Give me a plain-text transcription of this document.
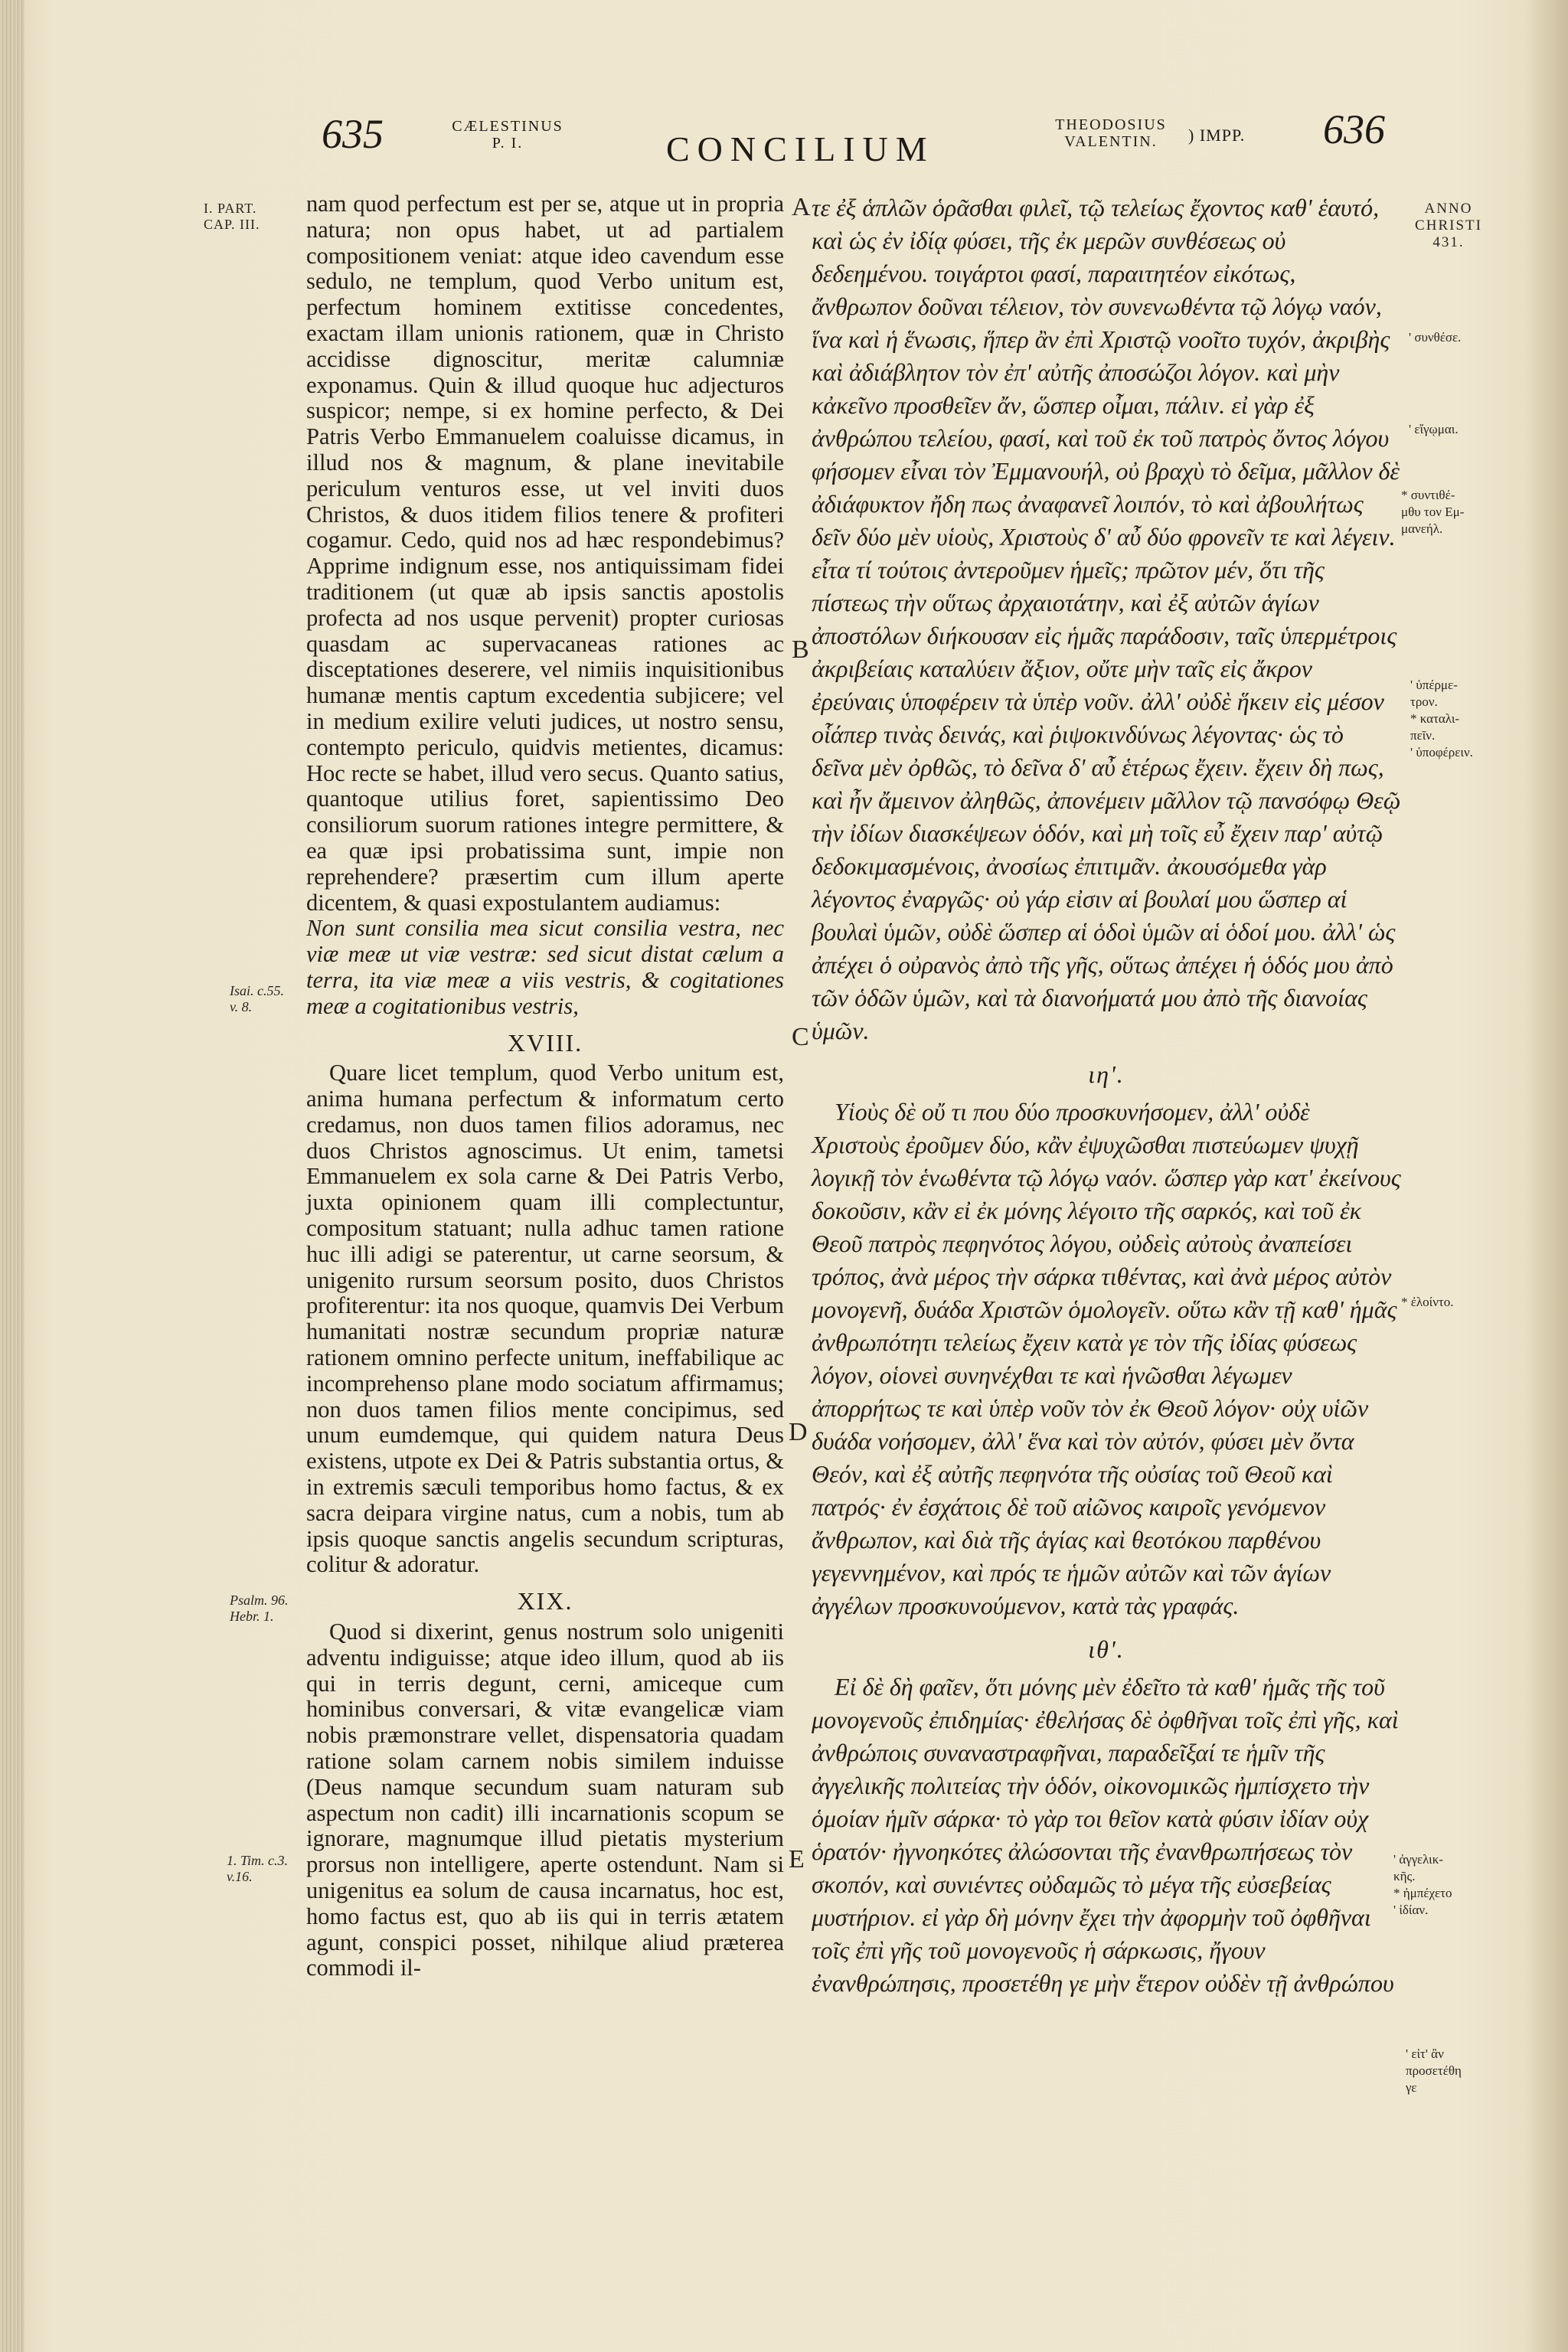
635	CÆLESTINUS
P. I.	CONCILIUM
THEODOSIUS
VALENTIN.	) IMPP. 636
I. PART.
CAP. III.
Isai. c.55.
v. 8.
Psalm. 96.
Hebr. 1.
1. Tim. c.3.
v.16.
A
B
C
D
E
ANNO
CHRISTI
431.
' συνθέσε.
' εἴγῳμαι.
* συντιθέ-
μθυ τον Εμ-
μανεήλ.
' ὑπέρμε-
τρον.
* καταλι-
πεῖν.
' ὑποφέρειν.
* ἐλοίντο.
' ἀγγελικ-
κῆς.
* ἠμπέχετο
' ἰδίαν.
' εἰτ' ἂν
προσετέθη
γε

nam quod perfectum est per se, atque ut in propria natura; non opus habet, ut ad partialem compositionem veniat: atque ideo cavendum esse sedulo, ne templum, quod Verbo unitum est, perfectum hominem extitisse concedentes, exactam illam unionis rationem, quæ in Christo accidisse dignoscitur, meritæ calumniæ exponamus. Quin & illud quoque huc adjecturos suspicor; nempe, si ex homine perfecto, & Dei Patris Verbo Emmanuelem coaluisse dicamus, in illud nos & magnum, & plane inevitabile periculum venturos esse, ut vel inviti duos Christos, & duos itidem filios tenere & profiteri cogamur. Cedo, quid nos ad hæc respondebimus? Apprime indignum esse, nos antiquissimam fidei traditionem (ut quæ ab ipsis sanctis apostolis profecta ad nos usque pervenit) propter curiosas quasdam ac supervacaneas rationes ac disceptationes deserere, vel nimiis inquisitionibus humanæ mentis captum excedentia subjicere; vel in medium exilire veluti judices, ut nostro sensu, contempto periculo, quidvis metientes, dicamus: Hoc recte se habet, illud vero secus. Quanto satius, quantoque utilius foret, sapientissimo Deo consiliorum suorum rationes integre permittere, & ea quæ ipsi probatissima sunt, impie non reprehendere? præsertim cum illum aperte dicentem, & quasi expostulantem audiamus:

Non sunt consilia mea sicut consilia vestra, nec viæ meæ ut viæ vestræ: sed sicut distat cælum a terra, ita viæ meæ a viis vestris, & cogitationes meæ a cogitationibus vestris,

XVIII.

Quare licet templum, quod Verbo unitum est, anima humana perfectum & informatum certo credamus, non duos tamen filios adoramus, nec duos Christos agnoscimus. Ut enim, tametsi Emmanuelem ex sola carne & Dei Patris Verbo, juxta opinionem quam illi complectuntur, compositum statuant; nulla adhuc tamen ratione huc illi adigi se paterentur, ut carne seorsum, & unigenito rursum seorsum posito, duos Christos profiterentur: ita nos quoque, quamvis Dei Verbum humanitati nostræ secundum propriæ naturæ rationem omnino perfecte unitum, ineffabilique ac incomprehenso plane modo sociatum affirmamus; non duos tamen filios mente concipimus, sed unum eumdemque, qui quidem natura Deus existens, utpote ex Dei & Patris substantia ortus, & in extremis sæculi temporibus homo factus, & ex sacra deipara virgine natus, cum a nobis, tum ab ipsis quoque sanctis angelis secundum scripturas, colitur & adoratur.

XIX.

Quod si dixerint, genus nostrum solo unigeniti adventu indiguisse; atque ideo illum, quod ab iis qui in terris degunt, cerni, amiceque cum hominibus conversari, & vitæ evangelicæ viam nobis præmonstrare vellet, dispensatoria quadam ratione solam carnem nobis similem induisse (Deus namque secundum suam naturam sub aspectum non cadit) illi incarnationis scopum se ignorare, magnumque illud pietatis mysterium prorsus non intelligere, aperte ostendunt. Nam si unigenitus ea solum de causa incarnatus, hoc est, homo factus est, quo ab iis qui in terris ætatem agunt, conspici posset, nihilque aliud præterea commodi il-

τε ἐξ ἁπλῶν ὁρᾶσθαι φιλεῖ, τῷ τελείως ἔχοντος καθ' ἑαυτό, καὶ ὡς ἐν ἰδίᾳ φύσει, τῆς ἐκ μερῶν συνθέσεως οὐ δεδεημένου. τοιγάρτοι φασί, παραιτητέον εἰκότως, ἄνθρωπον δοῦναι τέλειον, τὸν συνενωθέντα τῷ λόγῳ ναόν, ἵνα καὶ ἡ ἕνωσις, ἥπερ ἂν ἐπὶ Χριστῷ νοοῖτο τυχόν, ἀκριβὴς καὶ ἀδιάβλητον τὸν ἐπ' αὐτῆς ἀποσώζοι λόγον. καὶ μὴν κἀκεῖνο προσθεῖεν ἄν, ὥσπερ οἶμαι, πάλιν. εἰ γὰρ ἐξ ἀνθρώπου τελείου, φασί, καὶ τοῦ ἐκ τοῦ πατρὸς ὄντος λόγου φήσομεν εἶναι τὸν Ἐμμανουήλ, οὐ βραχὺ τὸ δεῖμα, μᾶλλον δὲ ἀδιάφυκτον ἤδη πως ἀναφανεῖ λοιπόν, τὸ καὶ ἀβουλήτως δεῖν δύο μὲν υἱοὺς, Χριστοὺς δ' αὖ δύο φρονεῖν τε καὶ λέγειν. εἶτα τί τούτοις ἀντεροῦμεν ἡμεῖς; πρῶτον μέν, ὅτι τῆς πίστεως τὴν οὕτως ἀρχαιοτάτην, καὶ ἐξ αὐτῶν ἁγίων ἀποστόλων διήκουσαν εἰς ἡμᾶς παράδοσιν, ταῖς ὑπερμέτροις ἀκριβείαις καταλύειν ἄξιον, οὔτε μὴν ταῖς εἰς ἄκρον ἐρεύναις ὑποφέρειν τὰ ὑπὲρ νοῦν. ἀλλ' οὐδὲ ἥκειν εἰς μέσον οἷάπερ τινὰς δεινάς, καὶ ῥιψοκινδύνως λέγοντας· ὡς τὸ δεῖνα μὲν ὀρθῶς, τὸ δεῖνα δ' αὖ ἑτέρως ἔχειν. ἔχειν δὴ πως, καὶ ἦν ἄμεινον ἀληθῶς, ἀπονέμειν μᾶλλον τῷ πανσόφῳ Θεῷ τὴν ἰδίων διασκέψεων ὁδόν, καὶ μὴ τοῖς εὖ ἔχειν παρ' αὐτῷ δεδοκιμασμένοις, ἀνοσίως ἐπιτιμᾶν. ἀκουσόμεθα γὰρ λέγοντος ἐναργῶς· οὐ γάρ εἰσιν αἱ βουλαί μου ὥσπερ αἱ βουλαὶ ὑμῶν, οὐδὲ ὥσπερ αἱ ὁδοὶ ὑμῶν αἱ ὁδοί μου. ἀλλ' ὡς ἀπέχει ὁ οὐρανὸς ἀπὸ τῆς γῆς, οὕτως ἀπέχει ἡ ὁδός μου ἀπὸ τῶν ὁδῶν ὑμῶν, καὶ τὰ διανοήματά μου ἀπὸ τῆς διανοίας ὑμῶν.

ιη'.

Υἱοὺς δὲ οὔ τι που δύο προσκυνήσομεν, ἀλλ' οὐδὲ Χριστοὺς ἐροῦμεν δύο, κἂν ἐψυχῶσθαι πιστεύωμεν ψυχῇ λογικῇ τὸν ἑνωθέντα τῷ λόγῳ ναόν. ὥσπερ γὰρ κατ' ἐκείνους δοκοῦσιν, κἂν εἰ ἐκ μόνης λέγοιτο τῆς σαρκός, καὶ τοῦ ἐκ Θεοῦ πατρὸς πεφηνότος λόγου, οὐδεὶς αὐτοὺς ἀναπείσει τρόπος, ἀνὰ μέρος τὴν σάρκα τιθέντας, καὶ ἀνὰ μέρος αὐτὸν μονογενῆ, δυάδα Χριστῶν ὁμολογεῖν. οὕτω κἂν τῇ καθ' ἡμᾶς ἀνθρωπότητι τελείως ἔχειν κατὰ γε τὸν τῆς ἰδίας φύσεως λόγον, οἱονεὶ συνηνέχθαι τε καὶ ἡνῶσθαι λέγωμεν ἀπορρήτως τε καὶ ὑπὲρ νοῦν τὸν ἐκ Θεοῦ λόγον· οὐχ υἱῶν δυάδα νοήσομεν, ἀλλ' ἕνα καὶ τὸν αὐτόν, φύσει μὲν ὄντα Θεόν, καὶ ἐξ αὐτῆς πεφηνότα τῆς οὐσίας τοῦ Θεοῦ καὶ πατρός· ἐν ἐσχάτοις δὲ τοῦ αἰῶνος καιροῖς γενόμενον ἄνθρωπον, καὶ διὰ τῆς ἁγίας καὶ θεοτόκου παρθένου γεγεννημένον, καὶ πρός τε ἡμῶν αὐτῶν καὶ τῶν ἁγίων ἀγγέλων προσκυνούμενον, κατὰ τὰς γραφάς.

ιθ'.

Εἰ δὲ δὴ φαῖεν, ὅτι μόνης μὲν ἐδεῖτο τὰ καθ' ἡμᾶς τῆς τοῦ μονογενοῦς ἐπιδημίας· ἐθελήσας δὲ ὀφθῆναι τοῖς ἐπὶ γῆς, καὶ ἀνθρώποις συναναστραφῆναι, παραδεῖξαί τε ἡμῖν τῆς ἀγγελικῆς πολιτείας τὴν ὁδόν, οἰκονομικῶς ἠμπίσχετο τὴν ὁμοίαν ἡμῖν σάρκα· τὸ γὰρ τοι θεῖον κατὰ φύσιν ἰδίαν οὐχ ὁρατόν· ἠγνοηκότες ἀλώσονται τῆς ἐνανθρωπήσεως τὸν σκοπόν, καὶ συνιέντες οὐδαμῶς τὸ μέγα τῆς εὐσεβείας μυστήριον. εἰ γὰρ δὴ μόνην ἔχει τὴν ἀφορμὴν τοῦ ὀφθῆναι τοῖς ἐπὶ γῆς τοῦ μονογενοῦς ἡ σάρκωσις, ἤγουν ἐνανθρώπησις, προσετέθη γε μὴν ἕτερον οὐδὲν τῇ ἀνθρώπου
